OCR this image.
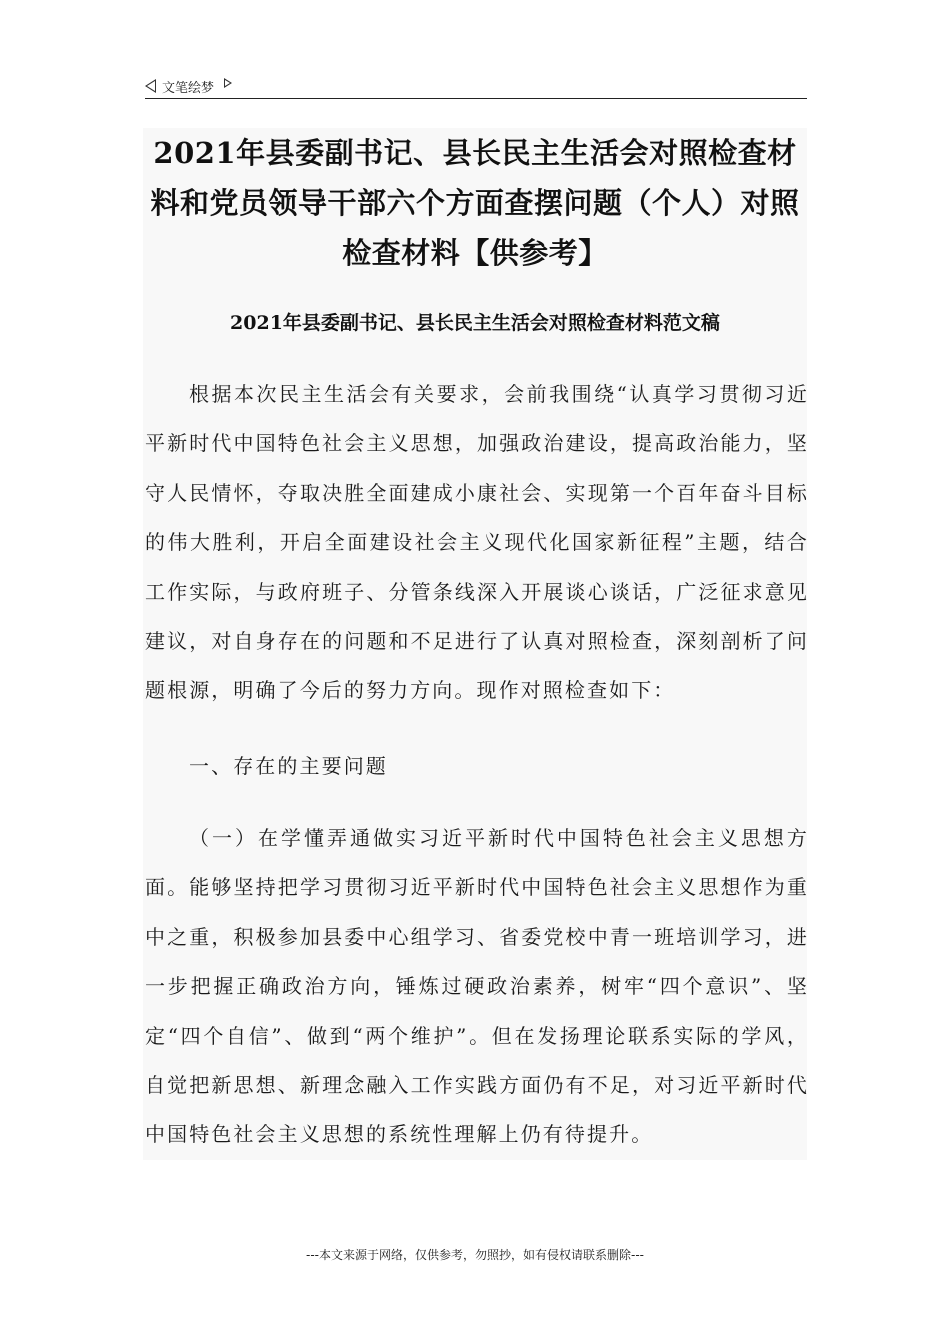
文笔绘梦
2021年县委副书记、县长民主生活会对照检查材料和党员领导干部六个方面查摆问题（个人）对照检查材料【供参考】
2021年县委副书记、县长民主生活会对照检查材料范文稿
根据本次民主生活会有关要求，会前我围绕“认真学习贯彻习近平新时代中国特色社会主义思想，加强政治建设，提高政治能力，坚守人民情怀，夺取决胜全面建成小康社会、实现第一个百年奋斗目标的伟大胜利，开启全面建设社会主义现代化国家新征程”主题，结合工作实际，与政府班子、分管条线深入开展谈心谈话，广泛征求意见建议，对自身存在的问题和不足进行了认真对照检查，深刻剖析了问题根源，明确了今后的努力方向。现作对照检查如下：
一、存在的主要问题
（一）在学懂弄通做实习近平新时代中国特色社会主义思想方面。能够坚持把学习贯彻习近平新时代中国特色社会主义思想作为重中之重，积极参加县委中心组学习、省委党校中青一班培训学习，进一步把握正确政治方向，锤炼过硬政治素养，树牢“四个意识”、坚定“四个自信”、做到“两个维护”。但在发扬理论联系实际的学风，自觉把新思想、新理念融入工作实践方面仍有不足，对习近平新时代中国特色社会主义思想的系统性理解上仍有待提升。
---本文来源于网络，仅供参考，勿照抄，如有侵权请联系删除---
